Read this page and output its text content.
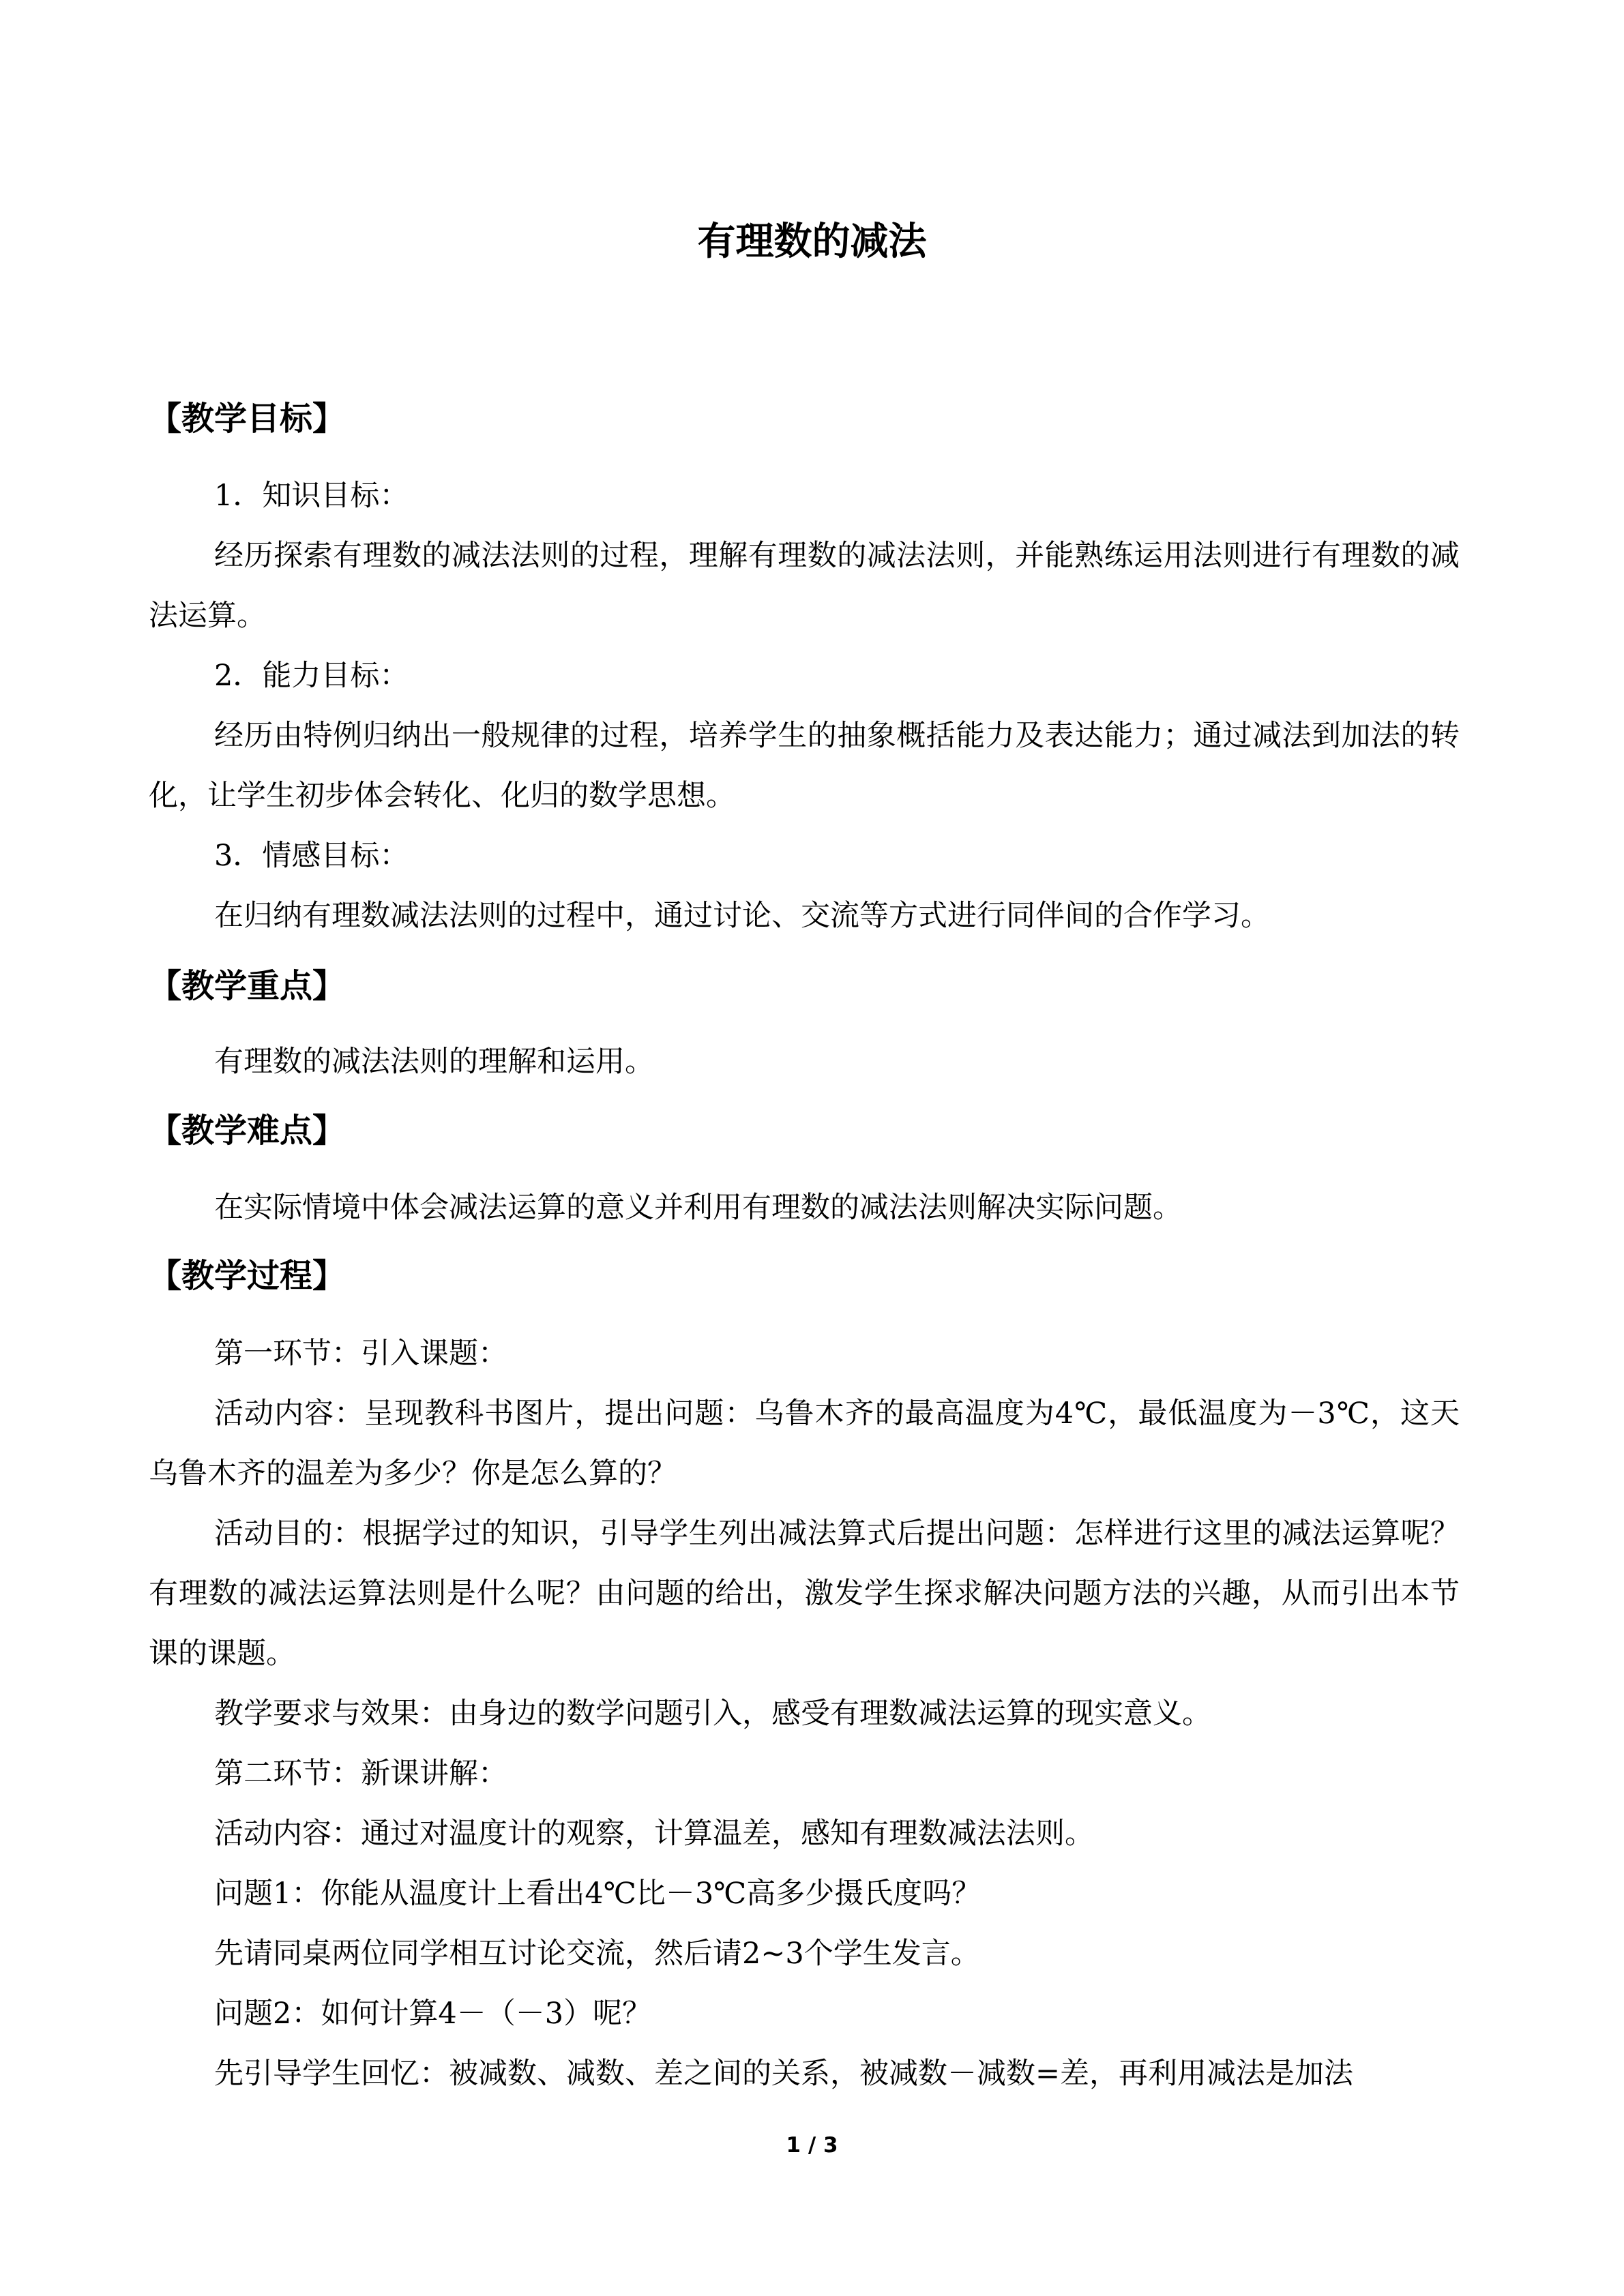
有理数的减法
【教学目标】
1．知识目标：
经历探索有理数的减法法则的过程，理解有理数的减法法则，并能熟练运用法则进行有理数的减法运算。
2．能力目标：
经历由特例归纳出一般规律的过程，培养学生的抽象概括能力及表达能力；通过减法到加法的转化，让学生初步体会转化、化归的数学思想。
3．情感目标：
在归纳有理数减法法则的过程中，通过讨论、交流等方式进行同伴间的合作学习。
【教学重点】
有理数的减法法则的理解和运用。
【教学难点】
在实际情境中体会减法运算的意义并利用有理数的减法法则解决实际问题。
【教学过程】
第一环节：引入课题：
活动内容：呈现教科书图片，提出问题：乌鲁木齐的最高温度为4℃，最低温度为－3℃，这天乌鲁木齐的温差为多少？你是怎么算的？
活动目的：根据学过的知识，引导学生列出减法算式后提出问题：怎样进行这里的减法运算呢？有理数的减法运算法则是什么呢？由问题的给出，激发学生探求解决问题方法的兴趣，从而引出本节课的课题。
教学要求与效果：由身边的数学问题引入，感受有理数减法运算的现实意义。
第二环节：新课讲解：
活动内容：通过对温度计的观察，计算温差，感知有理数减法法则。
问题1：你能从温度计上看出4℃比－3℃高多少摄氏度吗？
先请同桌两位同学相互讨论交流，然后请2~3个学生发言。
问题2：如何计算4－（－3）呢？
先引导学生回忆：被减数、减数、差之间的关系，被减数－减数=差，再利用减法是加法
1 / 3
